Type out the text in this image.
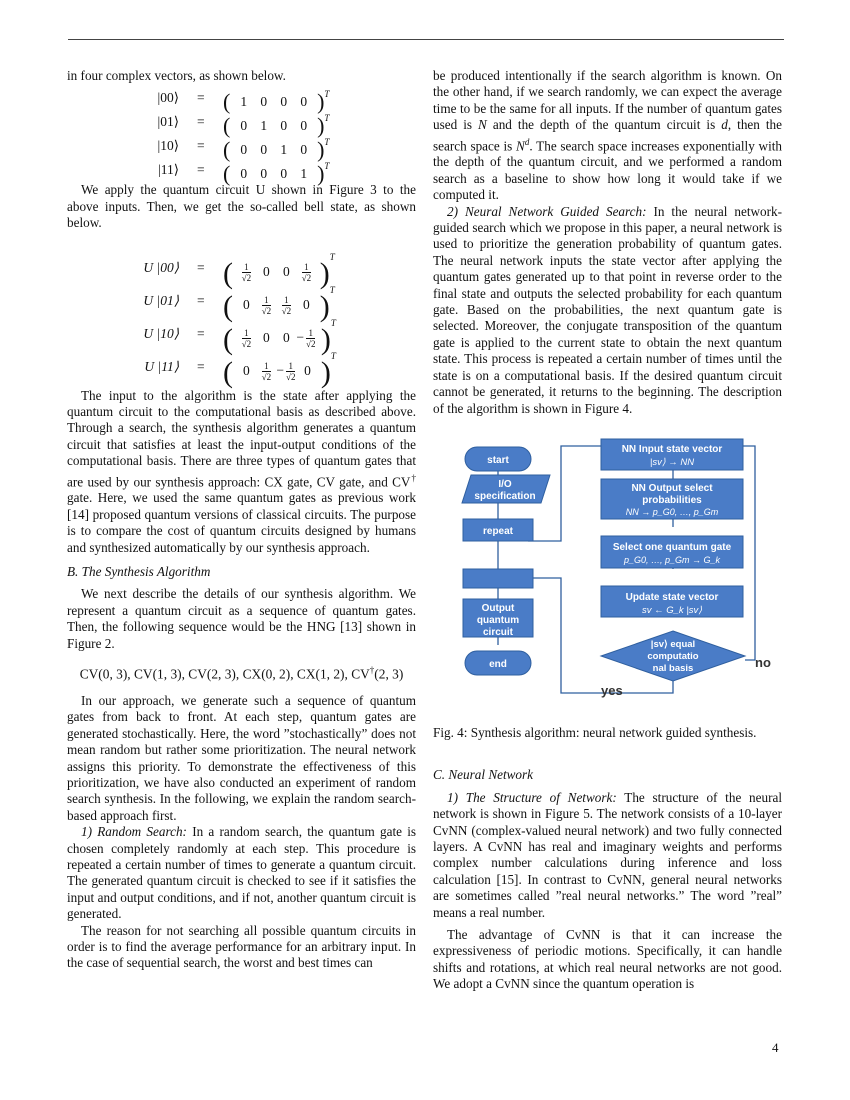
in four complex vectors, as shown below.

|00⟩ = ( 1 0 0 0 )$^T$
|01⟩ = ( 0 1 0 0 )$^T$
|10⟩ = ( 0 0 1 0 )$^T$
|11⟩ = ( 0 0 0 1 )$^T$

We apply the quantum circuit U shown in Figure 3 to the above inputs. Then, we get the so-called bell state, as shown below.

U |00⟩ = ( $\frac{1}{√2} 0$ $0 \frac{1}{√2} )^T$
U |01⟩ = ( $0 \frac{1}{√2} \frac{1}{√2} 0$ )$^T$
U |10⟩ = ( $\frac{1}{√2} 0$ $0 - \frac{1}{√2} )^T$
U |11⟩ = ( $0 \frac{1}{√2} - \frac{1}{√2} 0$ )$^T$

The input to the algorithm is the state after applying the quantum circuit to the computational basis as described above. Through a search, the synthesis algorithm generates a quantum circuit that satisfies at least the input-output conditions of the computational basis. There are three types of quantum gates that are used by our synthesis approach: CX gate, CV gate, and CV† gate. Here, we used the same quantum gates as previous work [14] proposed quantum versions of classical circuits. The purpose is to compare the cost of quantum circuits designed by humans and synthesized automatically by our synthesis approach.

B. The Synthesis Algorithm

We next describe the details of our synthesis algorithm. We represent a quantum circuit as a sequence of quantum gates. Then, the following sequence would be the HNG [13] shown in Figure 2.

CV(0, 3), CV(1, 3), CV(2, 3), CX(0, 2), CX(1, 2), CV†(2, 3)

In our approach, we generate such a sequence of quantum gates from back to front. At each step, quantum gates are generated stochastically. Here, the word ”stochastically” does not mean random but rather some prioritization. The neural network assigns this priority. To demonstrate the effectiveness of this prioritization, we have also conducted an experiment of random search synthesis. In the following, we explain the random search-based approach first.

1) Random Search: In a random search, the quantum gate is chosen completely randomly at each step. This procedure is repeated a certain number of times to generate a quantum circuit. The generated quantum circuit is checked to see if it satisfies the input and output conditions, and if not, another quantum circuit is generated.

The reason for not searching all possible quantum circuits in order is to find the average performance for an arbitrary input. In the case of sequential search, the worst and best times can

be produced intentionally if the search algorithm is known. On the other hand, if we search randomly, we can expect the average time to be the same for all inputs. If the number of quantum gates used is N and the depth of the quantum circuit is d, then the search space is $N^d$. The search space increases exponentially with the depth of the quantum circuit, and we performed a random search as a baseline to show how long it would take if we computed it.

2) Neural Network Guided Search: In the neural network-guided search which we propose in this paper, a neural network is used to prioritize the generation probability of quantum gates. The neural network inputs the state vector after applying the quantum gates generated up to that point in reverse order to the final state and outputs the selected probability for each quantum gate. Based on the probabilities, the next quantum gate is selected. Moreover, the conjugate transposition of the quantum gate is applied to the current state to obtain the next quantum state. This process is repeated a certain number of times until the state is on a computational basis. If the desired quantum circuit cannot be generated, it returns to the beginning. The description of the algorithm is shown in Figure 4.

start
I/O
specification
repeat
Output
quantum
circuit
end
NN Input state vector
|sv⟩ → NN
NN Output select
probabilities
NN → p_G0, …, p_Gm
Select one quantum gate
p_G0, …, p_Gm → G_k
Update state vector
sv ← G_k |sv⟩
|sv⟩ equal
computatio
nal basis
yes
no

Fig. 4: Synthesis algorithm: neural network guided synthesis.

C. Neural Network

1) The Structure of Network: The structure of the neural network is shown in Figure 5. The network consists of a 10-layer CvNN (complex-valued neural network) and two fully connected layers. A CvNN has real and imaginary weights and performs complex number calculations during inference and loss calculation [15]. In contrast to CvNN, general neural networks are sometimes called ”real neural networks.” The word ”real” means a real number.

The advantage of CvNN is that it can increase the expressiveness of periodic motions. Specifically, it can handle shifts and rotations, at which real neural networks are not good. We adopt a CvNN since the quantum operation is

4
